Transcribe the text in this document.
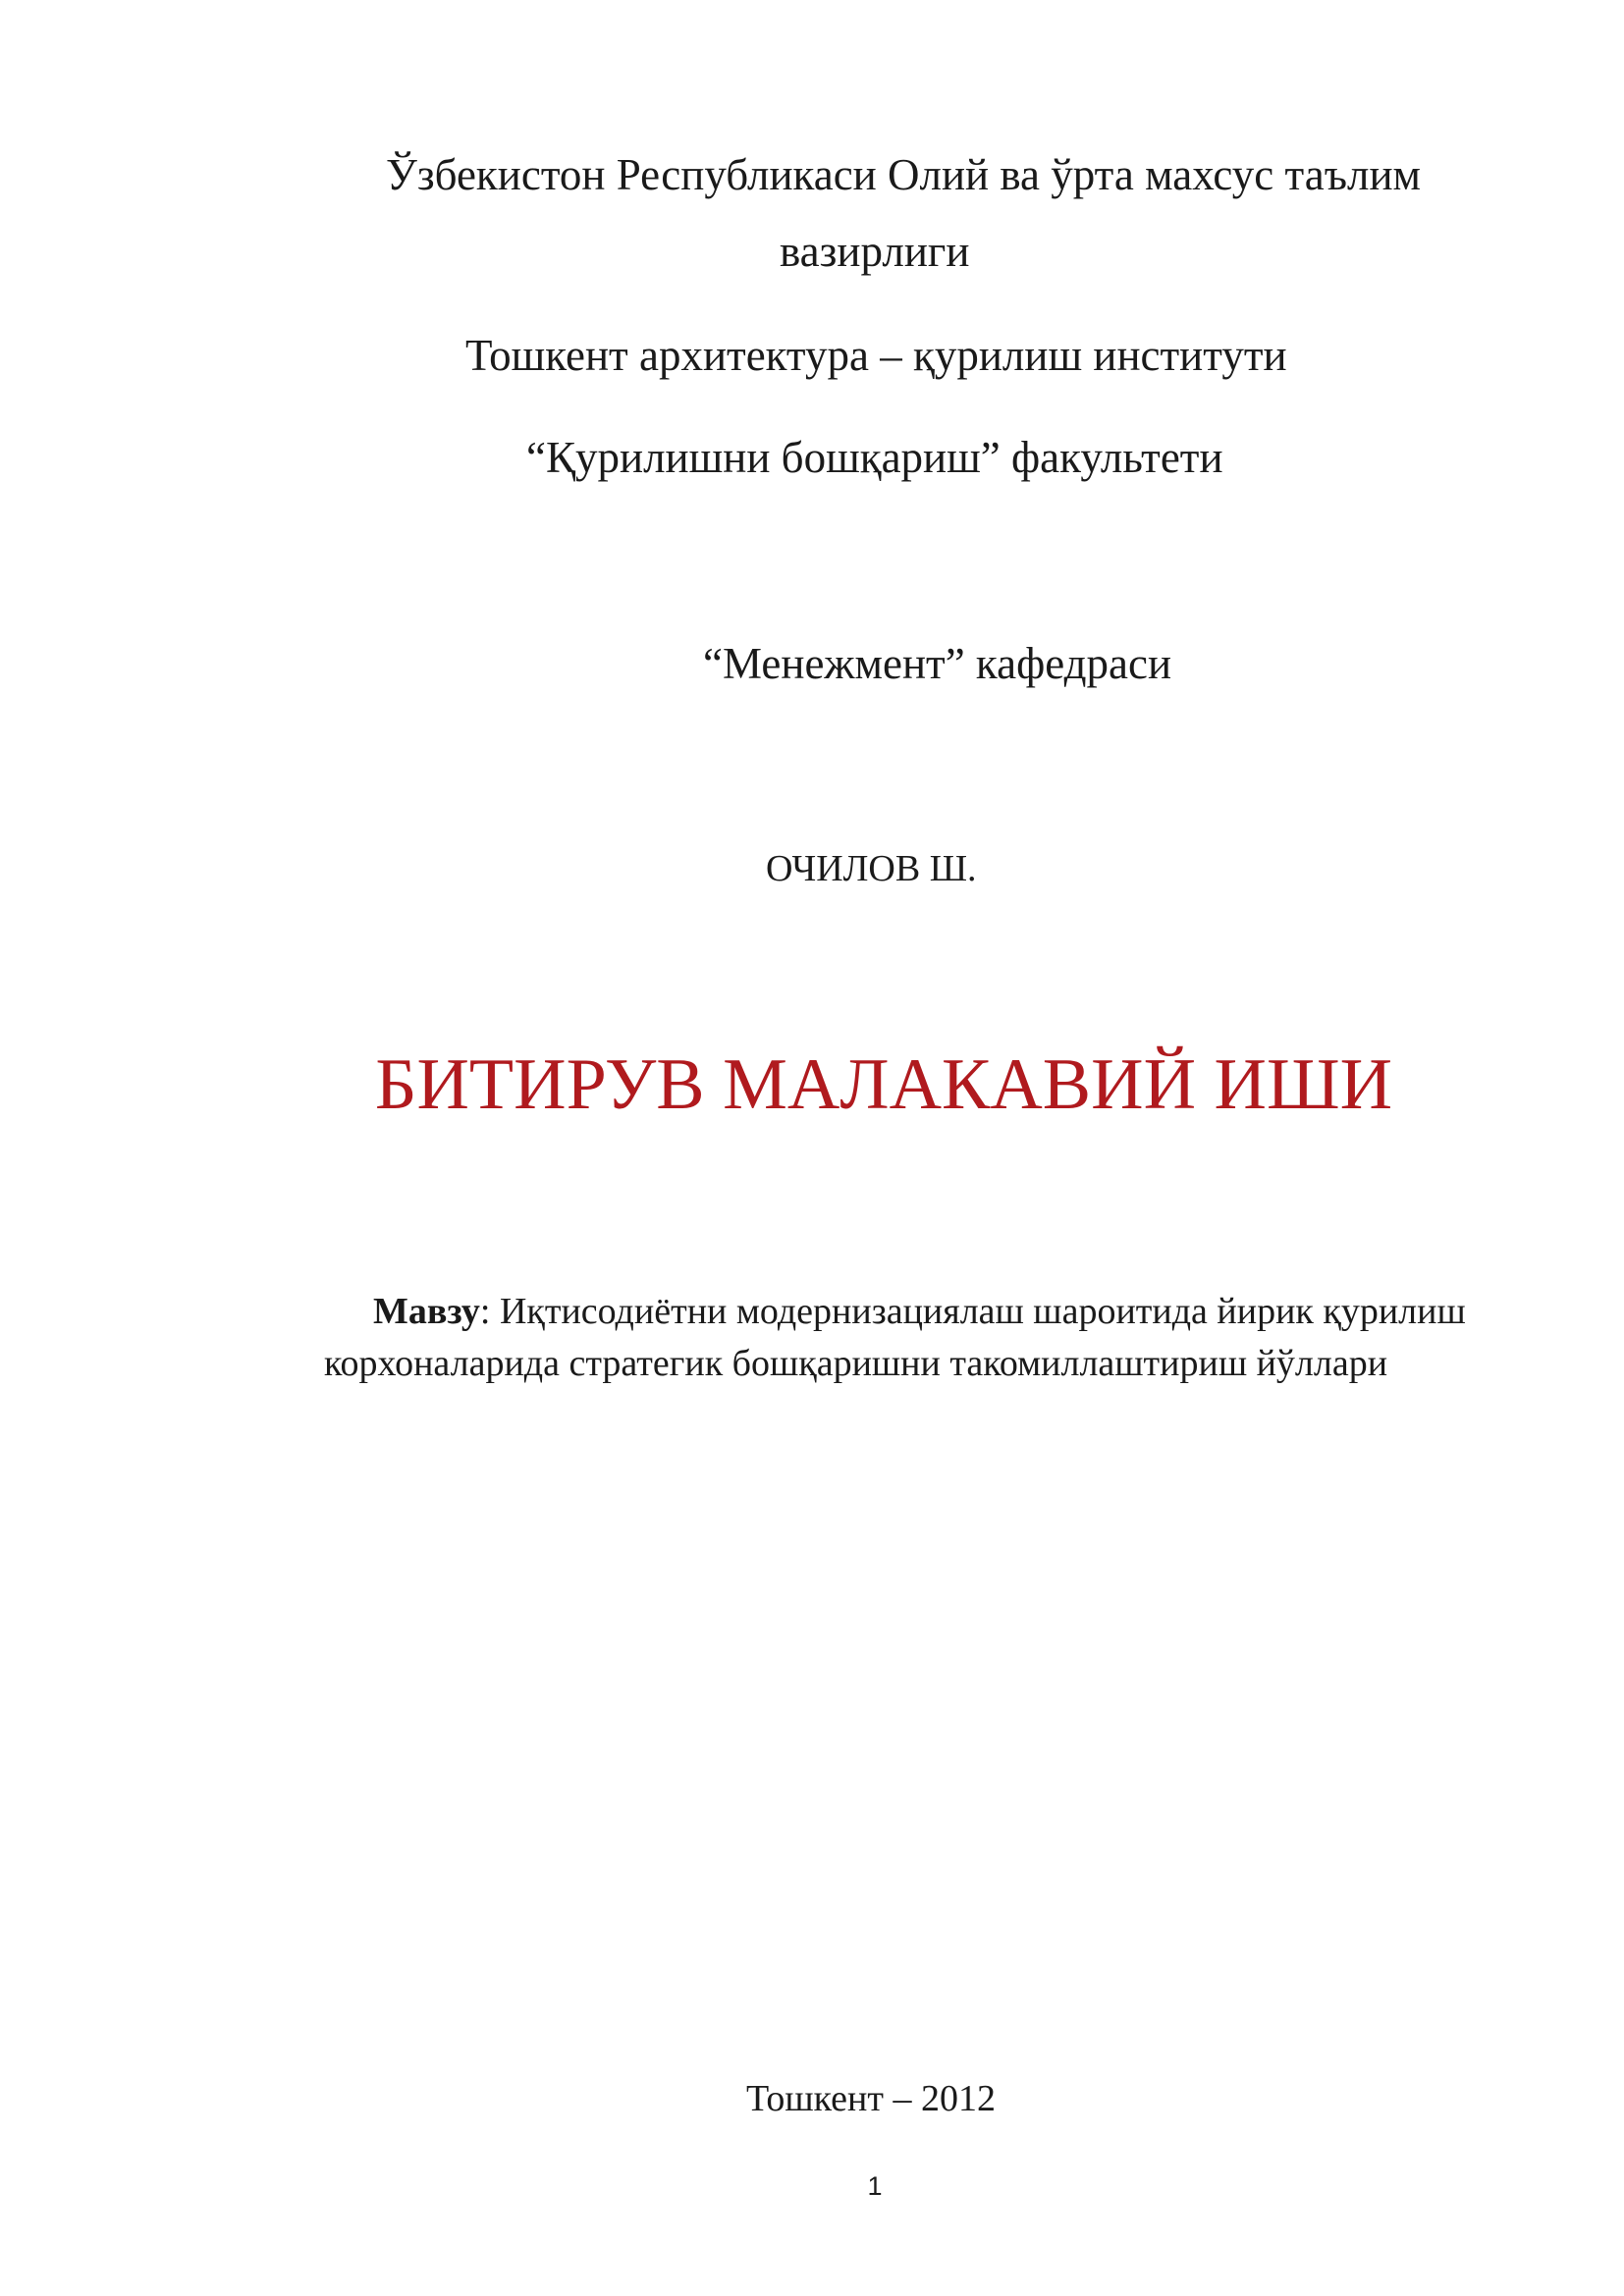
Ўзбекистон Республикаси Олий ва ўрта махсус таълим
вазирлиги
Тошкент архитектура – қурилиш институти
“Қурилишни бошқариш” факультети
“Менежмент” кафедраси
ОЧИЛОВ Ш.
БИТИРУВ МАЛАКАВИЙ ИШИ
Мавзу: Иқтисодиётни модернизациялаш шароитида йирик қурилиш
корхоналарида стратегик бошқаришни такомиллаштириш йўллари
Тошкент – 2012
1
